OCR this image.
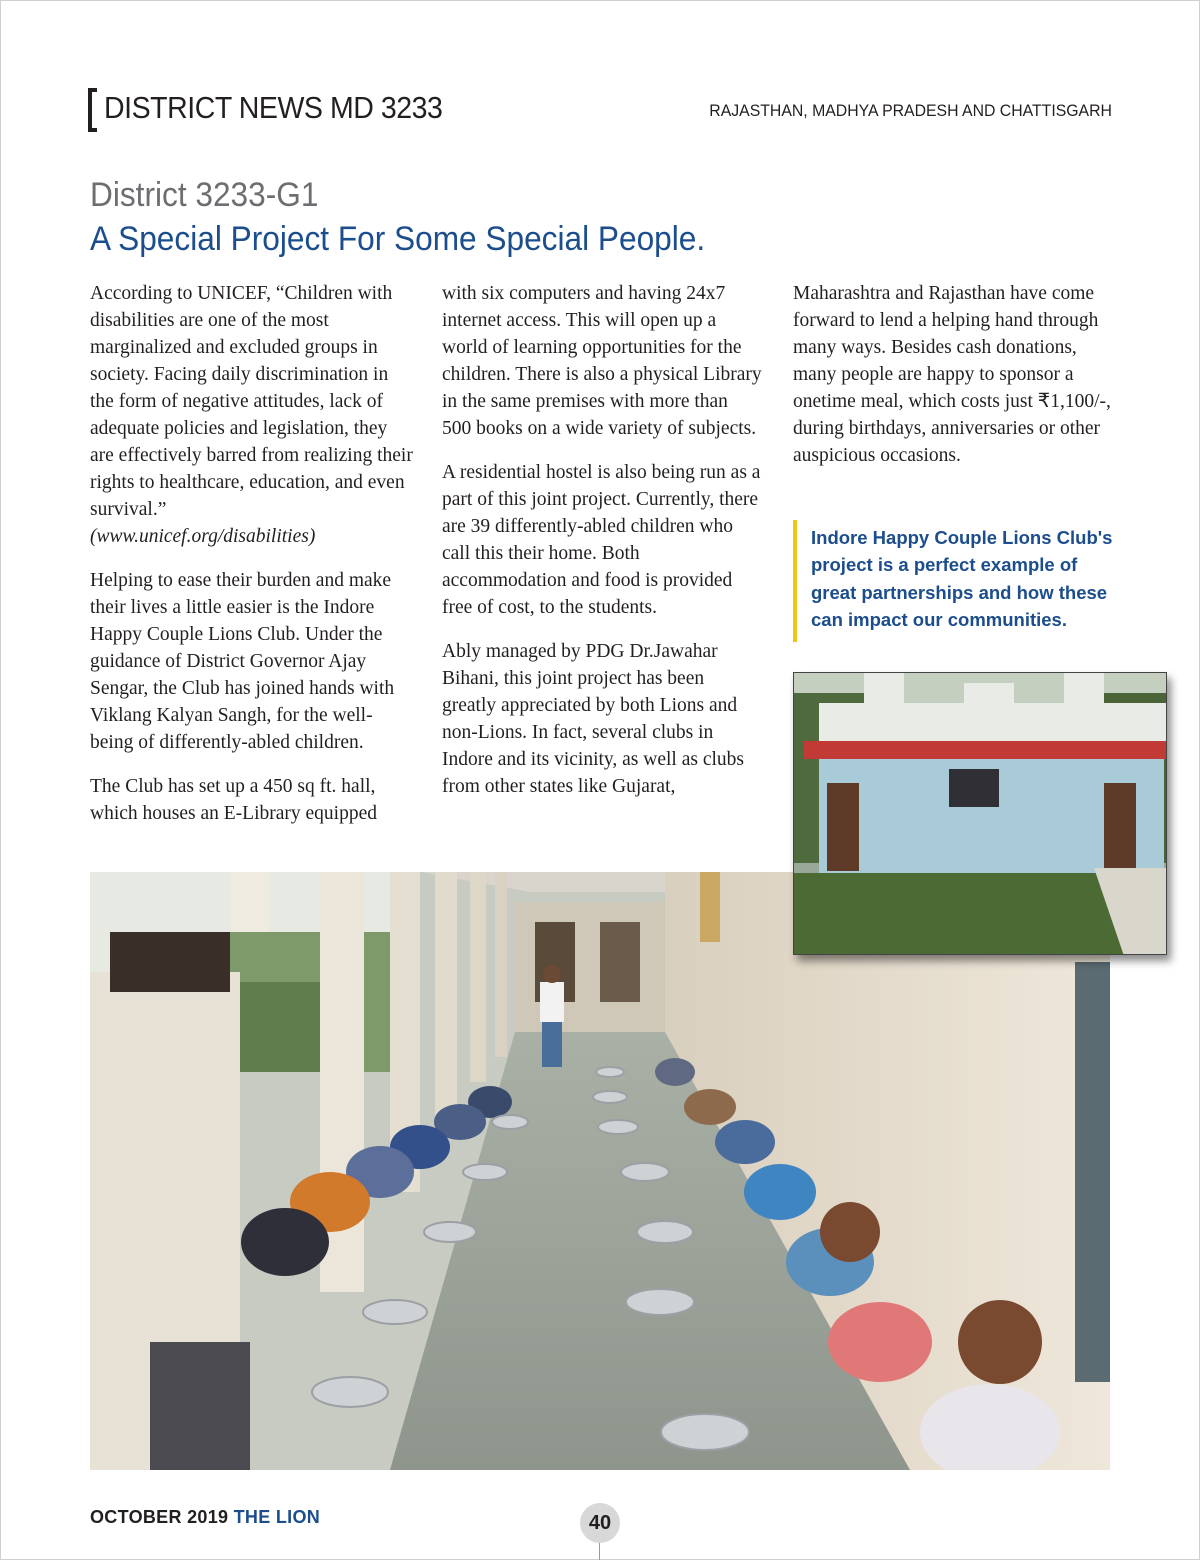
DISTRICT NEWS MD 3233	RAJASTHAN, MADHYA PRADESH AND CHATTISGARH
District 3233-G1
A Special Project For Some Special People.

According to UNICEF, “Children with disabilities are one of the most marginalized and excluded groups in society. Facing daily discrimination in the form of negative attitudes, lack of adequate policies and legislation, they are effectively barred from realizing their rights to healthcare, education, and even survival.”
(www.unicef.org/disabilities)

Helping to ease their burden and make their lives a little easier is the Indore Happy Couple Lions Club. Under the guidance of District Governor Ajay Sengar, the Club has joined hands with Viklang Kalyan Sangh, for the well-being of differently-abled children.

The Club has set up a 450 sq ft. hall, which houses an E-Library equipped

with six computers and having 24x7 internet access. This will open up a world of learning opportunities for the children. There is also a physical Library in the same premises with more than 500 books on a wide variety of subjects.

A residential hostel is also being run as a part of this joint project. Currently, there are 39 differently-abled children who call this their home. Both accommodation and food is provided free of cost, to the students.

Ably managed by PDG Dr.Jawahar Bihani, this joint project has been greatly appreciated by both Lions and non-Lions. In fact, several clubs in Indore and its vicinity, as well as clubs from other states like Gujarat,

Maharashtra and Rajasthan have come forward to lend a helping hand through many ways. Besides cash donations, many people are happy to sponsor a onetime meal, which costs just ₹1,100/-, during birthdays, anniversaries or other auspicious occasions.

Indore Happy Couple Lions Club's project is a perfect example of great partnerships and how these can impact our communities.
OCTOBER 2019 THE LION	40
